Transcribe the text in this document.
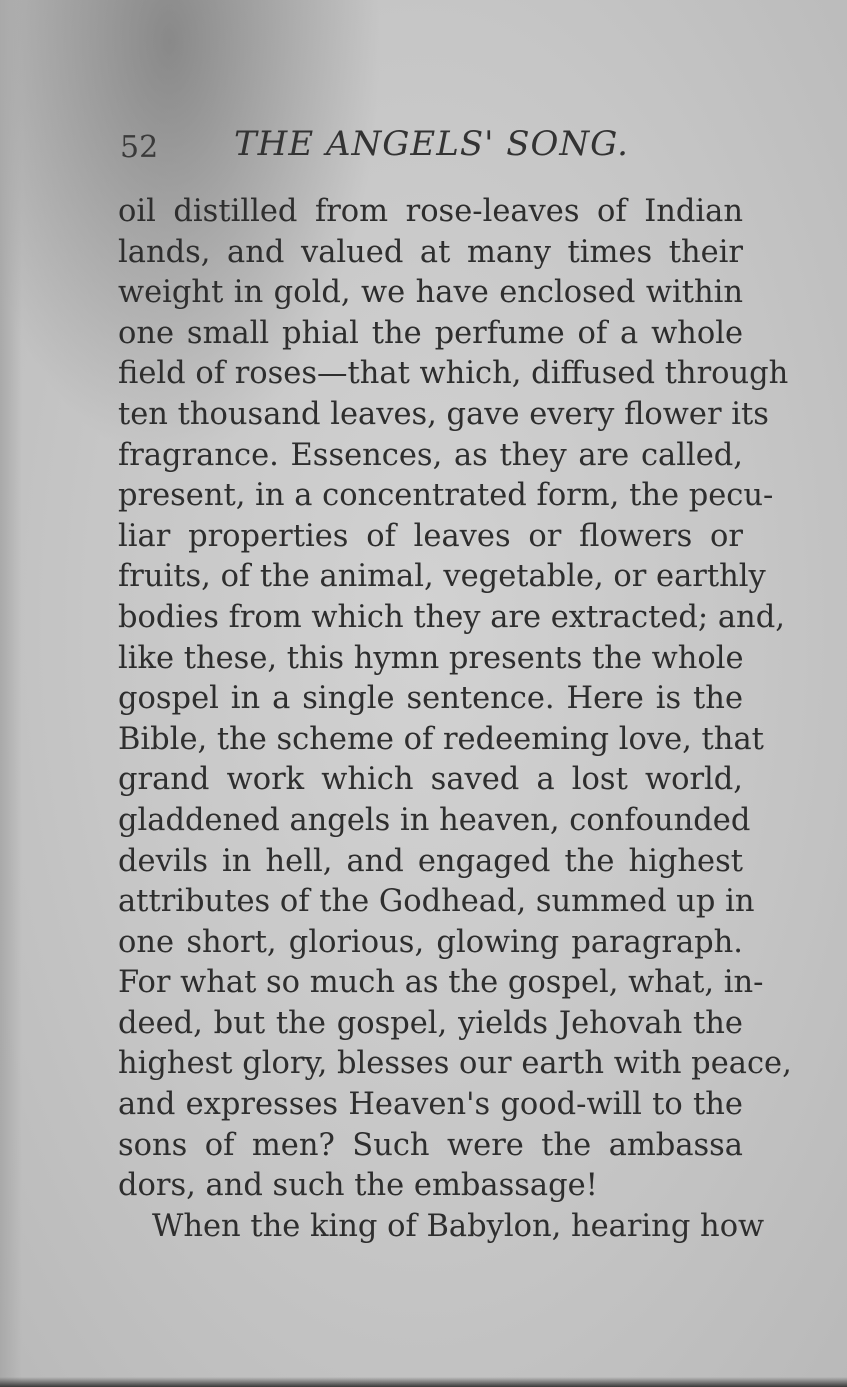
52 THE ANGELS' SONG.
oil distilled from rose-leaves of Indian
lands, and valued at many times their
weight in gold, we have enclosed within
one small phial the perfume of a whole
field of roses—that which, diffused through
ten thousand leaves, gave every flower its
fragrance. Essences, as they are called,
present, in a concentrated form, the pecu-
liar properties of leaves or flowers or
fruits, of the animal, vegetable, or earthly
bodies from which they are extracted; and,
like these, this hymn presents the whole
gospel in a single sentence. Here is the
Bible, the scheme of redeeming love, that
grand work which saved a lost world,
gladdened angels in heaven, confounded
devils in hell, and engaged the highest
attributes of the Godhead, summed up in
one short, glorious, glowing paragraph.
For what so much as the gospel, what, in-
deed, but the gospel, yields Jehovah the
highest glory, blesses our earth with peace,
and expresses Heaven's good-will to the
sons of men? Such were the ambassa
dors, and such the embassage!
When the king of Babylon, hearing how
